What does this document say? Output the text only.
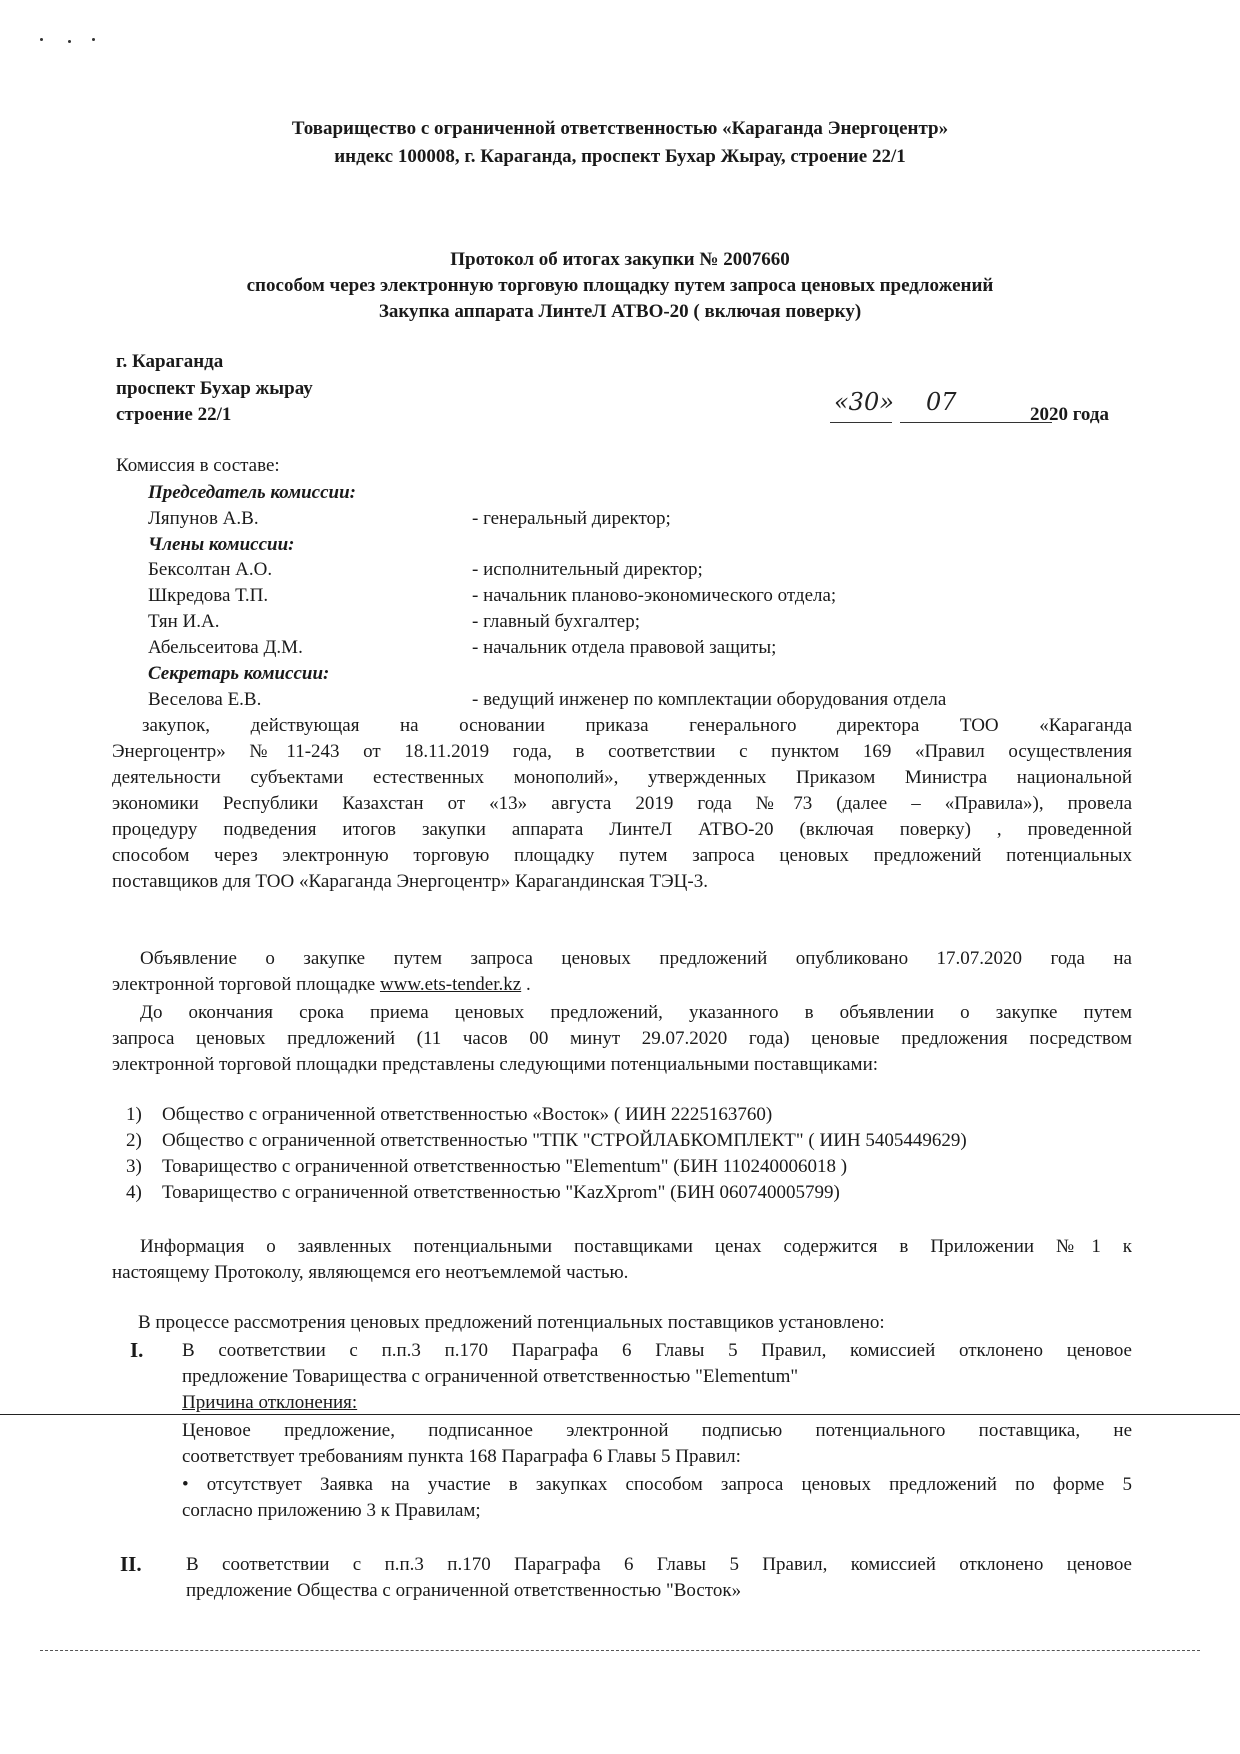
Товарищество с ограниченной ответственностью «Караганда Энергоцентр»
индекс 100008, г. Караганда, проспект Бухар Жырау, строение 22/1
Протокол об итогах закупки № 2007660
способом через электронную торговую площадку путем запроса ценовых предложений
Закупка аппарата ЛинтеЛ АТВО-20 ( включая поверку)
г. Караганда
проспект Бухар жырау
строение 22/1	«30» 07	2020 года
Комиссия в составе:
Председатель комиссии:
Ляпунов А.В.	- генеральный директор;
Члены комиссии:
Бексолтан А.О.	- исполнительный директор;
Шкредова Т.П.	- начальник планово-экономического отдела;
Тян И.А.	- главный бухгалтер;
Абельсеитова Д.М.	- начальник отдела правовой защиты;
Секретарь комиссии:
Веселова Е.В.	- ведущий инженер по комплектации оборудования отдела
закупок, действующая на основании приказа генерального директора ТОО «Караганда
Энергоцентр» №11-243 от 18.11.2019 года, в соответствии с пунктом 169 «Правил осуществления
деятельности субъектами естественных монополий», утвержденных Приказом Министра национальной
экономики Республики Казахстан от «13» августа 2019 года №73 (далее – «Правила»), провела
процедуру подведения итогов закупки аппарата ЛинтеЛ АТВО-20 (включая поверку) , проведенной
способом через электронную торговую площадку путем запроса ценовых предложений потенциальных
поставщиков для ТОО «Караганда Энергоцентр» Карагандинская ТЭЦ-3.
Объявление о закупке путем запроса ценовых предложений опубликовано 17.07.2020 года на
электронной торговой площадке www.ets-tender.kz .
До окончания срока приема ценовых предложений, указанного в объявлении о закупке путем
запроса ценовых предложений (11 часов 00 минут 29.07.2020 года) ценовые предложения посредством
электронной торговой площадки представлены следующими потенциальными поставщиками:
1) Общество с ограниченной ответственностью «Восток» ( ИИН 2225163760)
2) Общество с ограниченной ответственностью "ТПК "СТРОЙЛАБКОМПЛЕКТ" ( ИИН 5405449629)
3) Товарищество с ограниченной ответственностью "Elementum" (БИН 110240006018 )
4) Товарищество с ограниченной ответственностью "KazXprom" (БИН 060740005799)
Информация о заявленных потенциальными поставщиками ценах содержится в Приложении №1 к
настоящему Протоколу, являющемся его неотъемлемой частью.
В процессе рассмотрения ценовых предложений потенциальных поставщиков установлено:
I. В соответствии с п.п.3 п.170 Параграфа 6 Главы 5 Правил, комиссией отклонено ценовое
предложение Товарищества с ограниченной ответственностью "Elementum"
Причина отклонения:
Ценовое предложение, подписанное электронной подписью потенциального поставщика, не
соответствует требованиям пункта 168 Параграфа 6 Главы 5 Правил:
• отсутствует Заявка на участие в закупках способом запроса ценовых предложений по форме 5
согласно приложению 3 к Правилам;
II. В соответствии с п.п.3 п.170 Параграфа 6 Главы 5 Правил, комиссией отклонено ценовое
предложение Общества с ограниченной ответственностью "Восток»
